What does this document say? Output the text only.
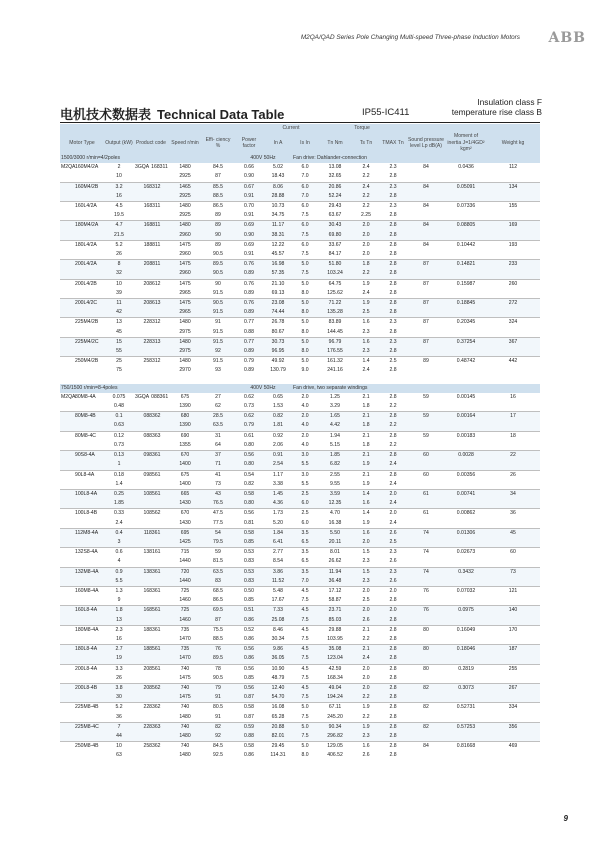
M2QA/QAD Series Pole Changing Multi-speed Three-phase Induction Motors ABB
电机技术数据表 Technical Data Table	IP55-IC411
Insulation class F
temperature rise class B
						Current		Torque					
Motor Type	Output (kW)	Product code	Speed r/min	Effi- ciency %	Power factor	In A	Is In	Tn Nm	Ts Tn	TMAX Tn	Sound pressure level Lp dB(A)	Moment of inertia J=1/4GD² kgm²	Weight kg
1500/3000 r/min=4/2poles					400V 50Hz		Fan drive: Dahlander-connection						
M2QA160M4/2A	2	3GQA 168311	1480	84.5	0.66	5.02	6.0	13.08	2.4	2.3	84	0.0436	112
	10		2925	87	0.90	18.43	7.0	32.65	2.2	2.8			
160M4/2B	3.2	168312	1465	85.5	0.67	8.06	6.0	20.86	2.4	2.3	84	0.05091	134
	16		2925	88.5	0.91	28.88	7.0	52.24	2.2	2.8			
160L4/2A	4.5	168311	1480	86.5	0.70	10.73	6.0	29.43	2.2	2.3	84	0.07336	155
	19.5		2925	89	0.91	34.75	7.5	63.67	2.25	2.8			
180M4/2A	4.7	168811	1480	89	0.69	11.17	6.0	30.43	2.0	2.8	84	0.08805	169
	21.5		2960	90	0.90	38.31	7.5	69.80	2.0	2.8			
180L4/2A	5.2	188811	1475	89	0.69	12.22	6.0	33.67	2.0	2.8	84	0.10442	193
	26		2960	90.5	0.91	45.57	7.5	84.17	2.0	2.8			
200L4/2A	8	208811	1475	89.5	0.76	16.98	5.0	51.80	1.8	2.8	87	0.14821	233
	32		2960	90.5	0.89	57.35	7.5	103.24	2.2	2.8			
200L4/2B	10	208612	1475	90	0.76	21.10	5.0	64.75	1.9	2.8	87	0.15987	260
	39		2965	91.5	0.89	69.13	8.0	125.62	2.4	2.8			
200L4/2C	11	208613	1475	90.5	0.76	23.08	5.0	71.22	1.9	2.8	87	0.18845	272
	42		2965	91.5	0.89	74.44	8.0	135.28	2.5	2.8			
225M4/2B	13	228312	1480	91	0.77	26.78	5.0	83.89	1.6	2.3	87	0.20345	324
	45		2975	91.5	0.88	80.67	8.0	144.45	2.3	2.8			
225M4/2C	15	228313	1480	91.5	0.77	30.73	5.0	96.79	1.6	2.3	87	0.37254	367
	55		2975	92	0.89	96.95	8.0	176.55	2.3	2.8			
250M4/2B	25	258312	1480	91.5	0.79	49.92	5.0	161.32	1.4	2.5	89	0.48742	442
	75		2970	93	0.89	130.79	9.0	241.16	2.4	2.8			

750/1500 r/min=8-4poles					400V 50Hz		Fan drive, two separate windings						
M2QA80M8-4A	0.075	3GQA 088361	675	27	0.62	0.65	2.0	1.25	2.1	2.8	59	0.00145	16
	0.48		1390	62	0.73	1.53	4.0	3.29	1.8	2.2			
80M8-4B	0.1	088362	680	28.5	0.62	0.82	2.0	1.65	2.1	2.8	59	0.00164	17
	0.63		1390	63.5	0.79	1.81	4.0	4.42	1.8	2.2			
80M8-4C	0.12	088363	690	31	0.61	0.92	2.0	1.94	2.1	2.8	59	0.00183	18
	0.73		1355	64	0.80	2.06	4.0	5.15	1.8	2.2			
90S8-4A	0.13	098361	670	37	0.56	0.91	3.0	1.85	2.1	2.8	60	0.0028	22
	1		1400	71	0.80	2.54	5.5	6.82	1.9	2.4			
90L8-4A	0.18	098561	675	41	0.54	1.17	3.0	2.55	2.1	2.8	60	0.00356	26
	1.4		1400	73	0.82	3.38	5.5	9.55	1.9	2.4			
100L8-4A	0.25	108561	665	43	0.58	1.45	2.5	3.59	1.4	2.0	61	0.00741	34
	1.85		1430	76.5	0.80	4.36	6.0	12.35	1.6	2.4			
100L8-4B	0.33	108562	670	47.5	0.56	1.73	2.5	4.70	1.4	2.0	61	0.00862	36
	2.4		1430	77.5	0.81	5.20	6.0	16.38	1.9	2.4			
112M8-4A	0.4	118361	695	54	0.58	1.84	3.5	5.50	1.6	2.6	74	0.01306	45
	3		1425	79.5	0.85	6.41	6.5	20.11	2.0	2.5			
132S8-4A	0.6	138161	715	59	0.53	2.77	3.5	8.01	1.5	2.3	74	0.02673	60
	4		1440	81.5	0.83	8.54	6.5	26.62	2.3	2.6			
132M8-4A	0.9	138361	720	63.5	0.53	3.86	3.5	11.94	1.5	2.3	74	0.3432	73
	5.5		1440	83	0.83	11.52	7.0	36.48	2.3	2.6			
160M8-4A	1.3	168361	725	68.5	0.50	5.48	4.5	17.12	2.0	2.0	76	0.07032	121
	9		1460	86.5	0.85	17.67	7.5	58.87	2.5	2.8			
160L8-4A	1.8	168561	725	69.5	0.51	7.33	4.5	23.71	2.0	2.0	76	0.0975	140
	13		1460	87	0.86	25.08	7.5	85.03	2.6	2.8			
180M8-4A	2.3	188361	735	75.5	0.52	8.46	4.5	29.88	2.1	2.8	80	0.16049	170
	16		1470	88.5	0.86	30.34	7.5	103.95	2.2	2.8			
180L8-4A	2.7	188561	735	76	0.56	9.86	4.5	35.08	2.1	2.8	80	0.18046	187
	19		1470	89.5	0.86	36.05	7.5	123.04	2.4	2.8			
200L8-4A	3.3	208561	740	78	0.56	10.90	4.5	42.59	2.0	2.8	80	0.2819	255
	26		1475	90.5	0.85	48.79	7.5	168.34	2.0	2.8			
200L8-4B	3.8	208562	740	79	0.56	12.40	4.5	49.04	2.0	2.8	82	0.3073	267
	30		1475	91	0.87	54.70	7.5	194.24	2.2	2.8			
225M8-4B	5.2	228362	740	80.5	0.58	16.08	5.0	67.11	1.9	2.8	82	0.52731	334
	36		1480	91	0.87	65.28	7.5	245.20	2.2	2.8			
225M8-4C	7	228363	740	82	0.59	20.88	5.0	90.34	1.9	2.8	82	0.57253	356
	44		1480	92	0.88	82.01	7.5	296.82	2.3	2.8			
250M8-4B	10	258362	740	84.5	0.58	29.45	5.0	129.05	1.6	2.8	84	0.81668	469
	63		1480	92.5	0.86	114.31	8.0	406.52	2.6	2.8			
9
